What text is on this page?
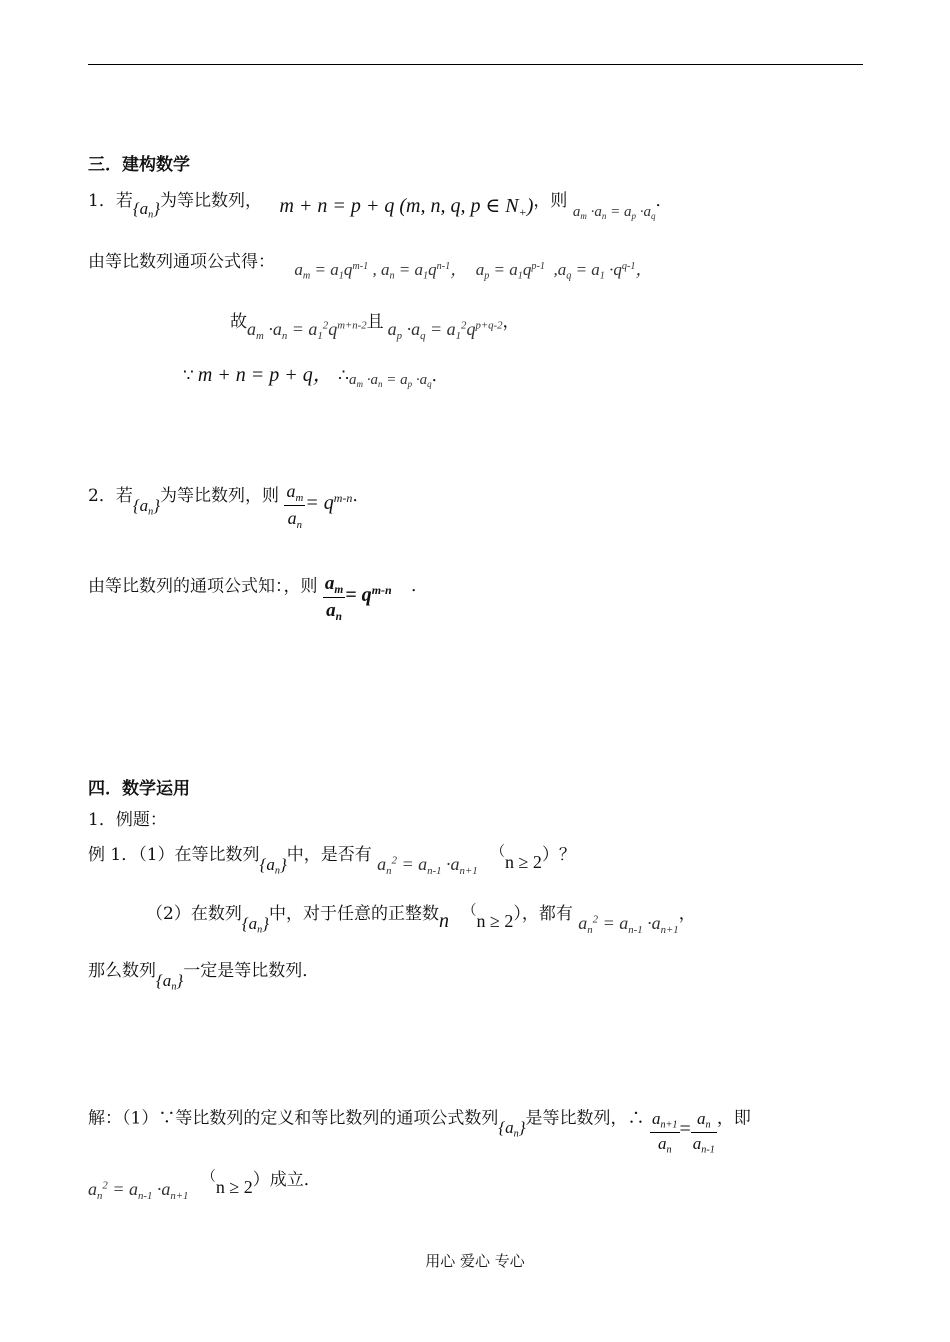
三．建构数学
1．若$\{a_n\}$为等比数列， m + n = p + q (m, n, q, p ∈ $N_+$)，则 $a_m \cdot a_n = a_p \cdot a_q$．
由等比数列通项公式得： $a_m = a_1q^{m-1}$ , $a_n = a_1q^{n-1}$，  $a_p = a_1q^{p-1}$  $,a_q = a_1 \cdot q^{q-1}$，
故$a_m \cdot a_n = a_1^2q^{m+n-2}$且 $a_p \cdot a_q = a_1^2q^{p+q-2}$，
∵ m + n = p + q， $\therefore a_m \cdot a_n = a_p \cdot a_q$．
2．若$\{a_n\}$为等比数列，则 $\frac{a_m}{a_n} = q^{m-n}$．
由等比数列的通项公式知：，则 $\frac{a_m}{a_n} = q^{m-n}$ ．
四．数学运用
1．例题：
例 1．（1）在等比数列$\{a_n\}$中，是否有 $a_n^2 = a_{n-1} \cdot a_{n+1}$ （n ≥ 2）？
（2）在数列$\{a_n\}$中，对于任意的正整数n （n ≥ 2），都有 $a_n^2 = a_{n-1} \cdot a_{n+1}$，
那么数列$\{a_n\}$一定是等比数列．
解：（1）∵等比数列的定义和等比数列的通项公式数列$\{a_n\}$是等比数列，∴ $\frac{a_{n+1}}{a_n} = \frac{a_n}{a_{n-1}}$ ，即
$a_n^2 = a_{n-1} \cdot a_{n+1}$ （n ≥ 2）成立．
用心 爱心 专心
